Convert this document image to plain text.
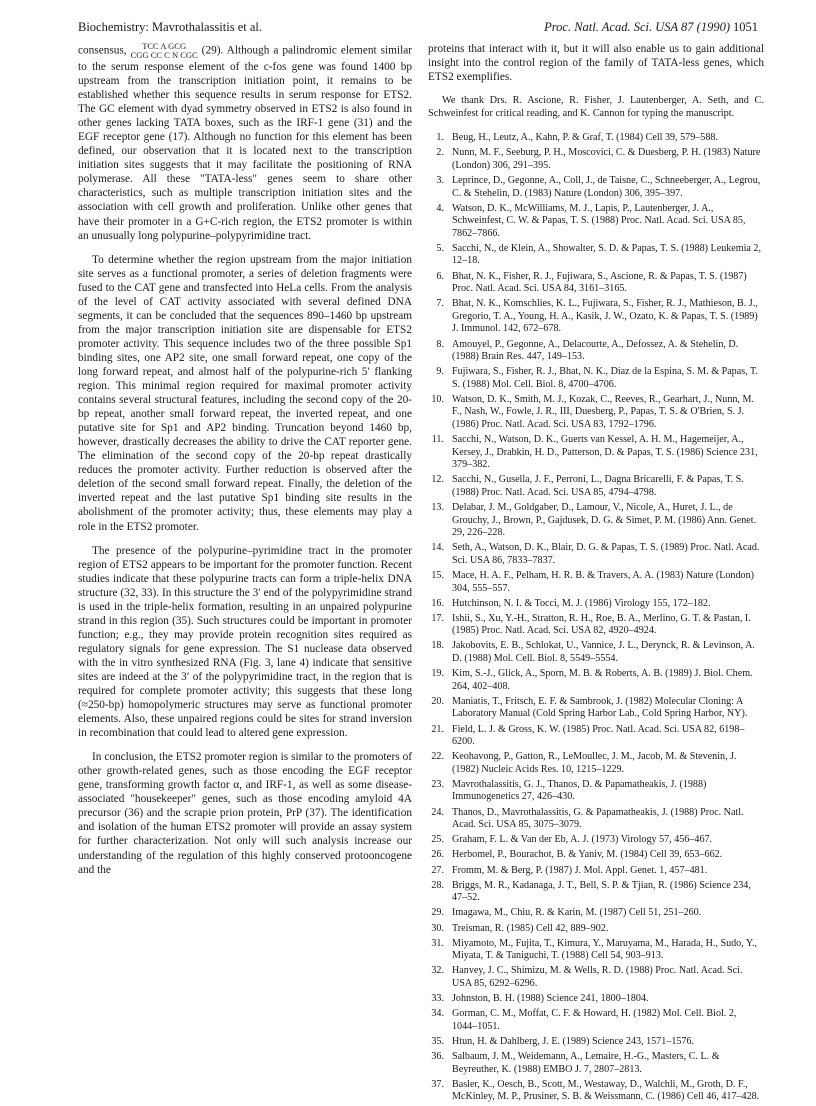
Biochemistry: Mavrothalassitis et al.	Proc. Natl. Acad. Sci. USA 87 (1990) 1051

consensus,	TCC A GCG
CGG CC C N CGC (29). Although a palindromic element similar to the serum response element of the c-fos gene was found 1400 bp upstream from the transcription initiation point, it remains to be established whether this sequence results in serum response for ETS2. The GC element with dyad symmetry observed in ETS2 is also found in other genes lacking TATA boxes, such as the IRF-1 gene (31) and the EGF receptor gene (17). Although no function for this element has been defined, our observation that it is located next to the transcription initiation sites suggests that it may facilitate the positioning of RNA polymerase. All these "TATA-less" genes seem to share other characteristics, such as multiple transcription initiation sites and the association with cell growth and proliferation. Unlike other genes that have their promoter in a G+C-rich region, the ETS2 promoter is within an unusually long polypurine–polypyrimidine tract.

To determine whether the region upstream from the major initiation site serves as a functional promoter, a series of deletion fragments were fused to the CAT gene and transfected into HeLa cells. From the analysis of the level of CAT activity associated with several defined DNA segments, it can be concluded that the sequences 890–1460 bp upstream from the major transcription initiation site are dispensable for ETS2 promoter activity. This sequence includes two of the three possible Sp1 binding sites, one AP2 site, one small forward repeat, one copy of the long forward repeat, and almost half of the polypurine-rich 5′ flanking region. This minimal region required for maximal promoter activity contains several structural features, including the second copy of the 20-bp repeat, another small forward repeat, the inverted repeat, and one putative site for Sp1 and AP2 binding. Truncation beyond 1460 bp, however, drastically decreases the ability to drive the CAT reporter gene. The elimination of the second copy of the 20-bp repeat drastically reduces the promoter activity. Further reduction is observed after the deletion of the second small forward repeat. Finally, the deletion of the inverted repeat and the last putative Sp1 binding site results in the abolishment of the promoter activity; thus, these elements may play a role in the ETS2 promoter.

The presence of the polypurine–pyrimidine tract in the promoter region of ETS2 appears to be important for the promoter function. Recent studies indicate that these polypurine tracts can form a triple-helix DNA structure (32, 33). In this structure the 3′ end of the polypyrimidine strand is used in the triple-helix formation, resulting in an unpaired polypurine strand in this region (35). Such structures could be important in promoter function; e.g., they may provide protein recognition sites required as regulatory signals for gene expression. The S1 nuclease data observed with the in vitro synthesized RNA (Fig. 3, lane 4) indicate that sensitive sites are indeed at the 3′ of the polypyrimidine tract, in the region that is required for complete promoter activity; this suggests that these long (≈250-bp) homopolymeric structures may serve as functional promoter elements. Also, these unpaired regions could be sites for strand inversion in recombination that could lead to altered gene expression.

In conclusion, the ETS2 promoter region is similar to the promoters of other growth-related genes, such as those encoding the EGF receptor gene, transforming growth factor α, and IRF-1, as well as some disease-associated "housekeeper" genes, such as those encoding amyloid 4A precursor (36) and the scrapie prion protein, PrP (37). The identification and isolation of the human ETS2 promoter will provide an assay system for further characterization. Not only will such analysis increase our understanding of the regulation of this highly conserved protooncogene and the

proteins that interact with it, but it will also enable us to gain additional insight into the control region of the family of TATA-less genes, which ETS2 exemplifies.

We thank Drs. R. Ascione, R. Fisher, J. Lautenberger, A. Seth, and C. Schweinfest for critical reading, and K. Cannon for typing the manuscript.

1. Beug, H., Leutz, A., Kahn, P. & Graf, T. (1984) Cell 39, 579–588.
2. Nunn, M. F., Seeburg, P. H., Moscovici, C. & Duesberg, P. H. (1983) Nature (London) 306, 291–395.
3. Leprince, D., Gegonne, A., Coll, J., de Taisne, C., Schneeberger, A., Legrou, C. & Stehelin, D. (1983) Nature (London) 306, 395–397.
4. Watson, D. K., McWilliams, M. J., Lapis, P., Lautenberger, J. A., Schweinfest, C. W. & Papas, T. S. (1988) Proc. Natl. Acad. Sci. USA 85, 7862–7866.
5. Sacchi, N., de Klein, A., Showalter, S. D. & Papas, T. S. (1988) Leukemia 2, 12–18.
6. Bhat, N. K., Fisher, R. J., Fujiwara, S., Ascione, R. & Papas, T. S. (1987) Proc. Natl. Acad. Sci. USA 84, 3161–3165.
7. Bhat, N. K., Komschlies, K. L., Fujiwara, S., Fisher, R. J., Mathieson, B. J., Gregorio, T. A., Young, H. A., Kasik, J. W., Ozato, K. & Papas, T. S. (1989) J. Immunol. 142, 672–678.
8. Amouyel, P., Gegonne, A., Delacourte, A., Defossez, A. & Stehelin, D. (1988) Brain Res. 447, 149–153.
9. Fujiwara, S., Fisher, R. J., Bhat, N. K., Diaz de la Espina, S. M. & Papas, T. S. (1988) Mol. Cell. Biol. 8, 4700–4706.
10. Watson, D. K., Smith, M. J., Kozak, C., Reeves, R., Gearhart, J., Nunn, M. F., Nash, W., Fowle, J. R., III, Duesberg, P., Papas, T. S. & O'Brien, S. J. (1986) Proc. Natl. Acad. Sci. USA 83, 1792–1796.
11. Sacchi, N., Watson, D. K., Guerts van Kessel, A. H. M., Hagemeijer, A., Kersey, J., Drabkin, H. D., Patterson, D. & Papas, T. S. (1986) Science 231, 379–382.
12. Sacchi, N., Gusella, J. F., Perroni, L., Dagna Bricarelli, F. & Papas, T. S. (1988) Proc. Natl. Acad. Sci. USA 85, 4794–4798.
13. Delabar, J. M., Goldgaber, D., Lamour, V., Nicole, A., Huret, J. L., de Grouchy, J., Brown, P., Gajdusek, D. G. & Simet, P. M. (1986) Ann. Genet. 29, 226–228.
14. Seth, A., Watson, D. K., Blair, D. G. & Papas, T. S. (1989) Proc. Natl. Acad. Sci. USA 86, 7833–7837.
15. Mace, H. A. F., Pelham, H. R. B. & Travers, A. A. (1983) Nature (London) 304, 555–557.
16. Hutchinson, N. I. & Tocci, M. J. (1986) Virology 155, 172–182.
17. Ishii, S., Xu, Y.-H., Stratton, R. H., Roe, B. A., Merlino, G. T. & Pastan, I. (1985) Proc. Natl. Acad. Sci. USA 82, 4920–4924.
18. Jakobovits, E. B., Schlokat, U., Vannice, J. L., Derynck, R. & Levinson, A. D. (1988) Mol. Cell. Biol. 8, 5549–5554.
19. Kim, S.-J., Glick, A., Sporn, M. B. & Roberts, A. B. (1989) J. Biol. Chem. 264, 402–408.
20. Maniatis, T., Fritsch, E. F. & Sambrook, J. (1982) Molecular Cloning: A Laboratory Manual (Cold Spring Harbor Lab., Cold Spring Harbor, NY).
21. Field, L. J. & Gross, K. W. (1985) Proc. Natl. Acad. Sci. USA 82, 6198–6200.
22. Keohavong, P., Gatton, R., LeMoullec, J. M., Jacob, M. & Stevenin, J. (1982) Nucleic Acids Res. 10, 1215–1229.
23. Mavrothalassitis, G. J., Thanos, D. & Papamatheakis, J. (1988) Immunogenetics 27, 426–430.
24. Thanos, D., Mavrothalassitis, G. & Papamatheakis, J. (1988) Proc. Natl. Acad. Sci. USA 85, 3075–3079.
25. Graham, F. L. & Van der Eb, A. J. (1973) Virology 57, 456–467.
26. Herbomel, P., Bourachot, B. & Yaniv, M. (1984) Cell 39, 653–662.
27. Fromm, M. & Berg, P. (1987) J. Mol. Appl. Genet. 1, 457–481.
28. Briggs, M. R., Kadanaga, J. T., Bell, S. P. & Tjian, R. (1986) Science 234, 47–52.
29. Imagawa, M., Chiu, R. & Karin, M. (1987) Cell 51, 251–260.
30. Treisman, R. (1985) Cell 42, 889–902.
31. Miyamoto, M., Fujita, T., Kimura, Y., Maruyama, M., Harada, H., Sudo, Y., Miyata, T. & Taniguchi, T. (1988) Cell 54, 903–913.
32. Hanvey, J. C., Shimizu, M. & Wells, R. D. (1988) Proc. Natl. Acad. Sci. USA 85, 6292–6296.
33. Johnston, B. H. (1988) Science 241, 1800–1804.
34. Gorman, C. M., Moffat, C. F. & Howard, H. (1982) Mol. Cell. Biol. 2, 1044–1051.
35. Htun, H. & Dahlberg, J. E. (1989) Science 243, 1571–1576.
36. Salbaum, J. M., Weidemann, A., Lemaire, H.-G., Masters, C. L. & Beyreuther, K. (1988) EMBO J. 7, 2807–2813.
37. Basler, K., Oesch, B., Scott, M., Westaway, D., Walchli, M., Groth, D. F., McKinley, M. P., Prusiner, S. B. & Weissmann, C. (1986) Cell 46, 417–428.
